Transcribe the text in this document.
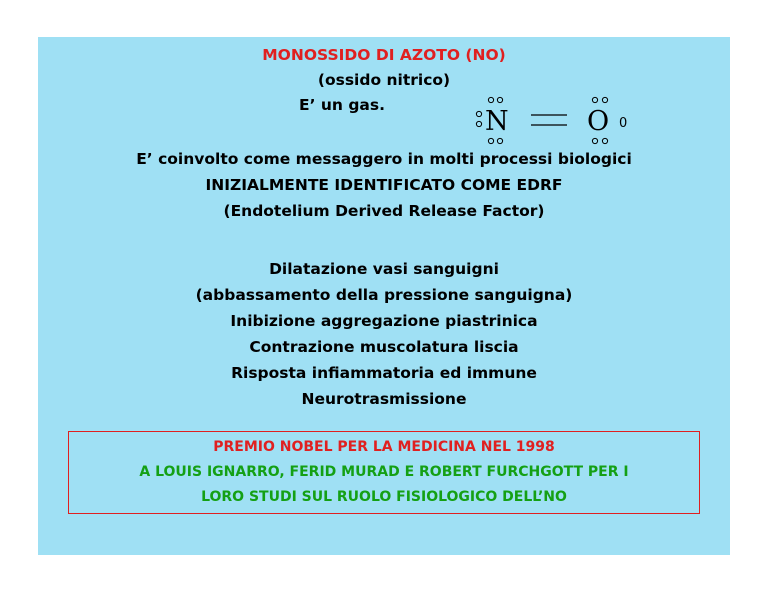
MONOSSIDO DI AZOTO (NO)
(ossido nitrico)
E’ un gas.
N	O 0
E’ coinvolto come messaggero in molti processi biologici
INIZIALMENTE IDENTIFICATO COME EDRF
(Endotelium Derived Release Factor)
Dilatazione vasi sanguigni
(abbassamento della pressione sanguigna)
Inibizione aggregazione piastrinica
Contrazione muscolatura liscia
Risposta infiammatoria ed immune
Neurotrasmissione
PREMIO NOBEL PER LA MEDICINA NEL 1998
A LOUIS IGNARRO, FERID MURAD E ROBERT FURCHGOTT PER I
LORO STUDI SUL RUOLO FISIOLOGICO DELL’NO
